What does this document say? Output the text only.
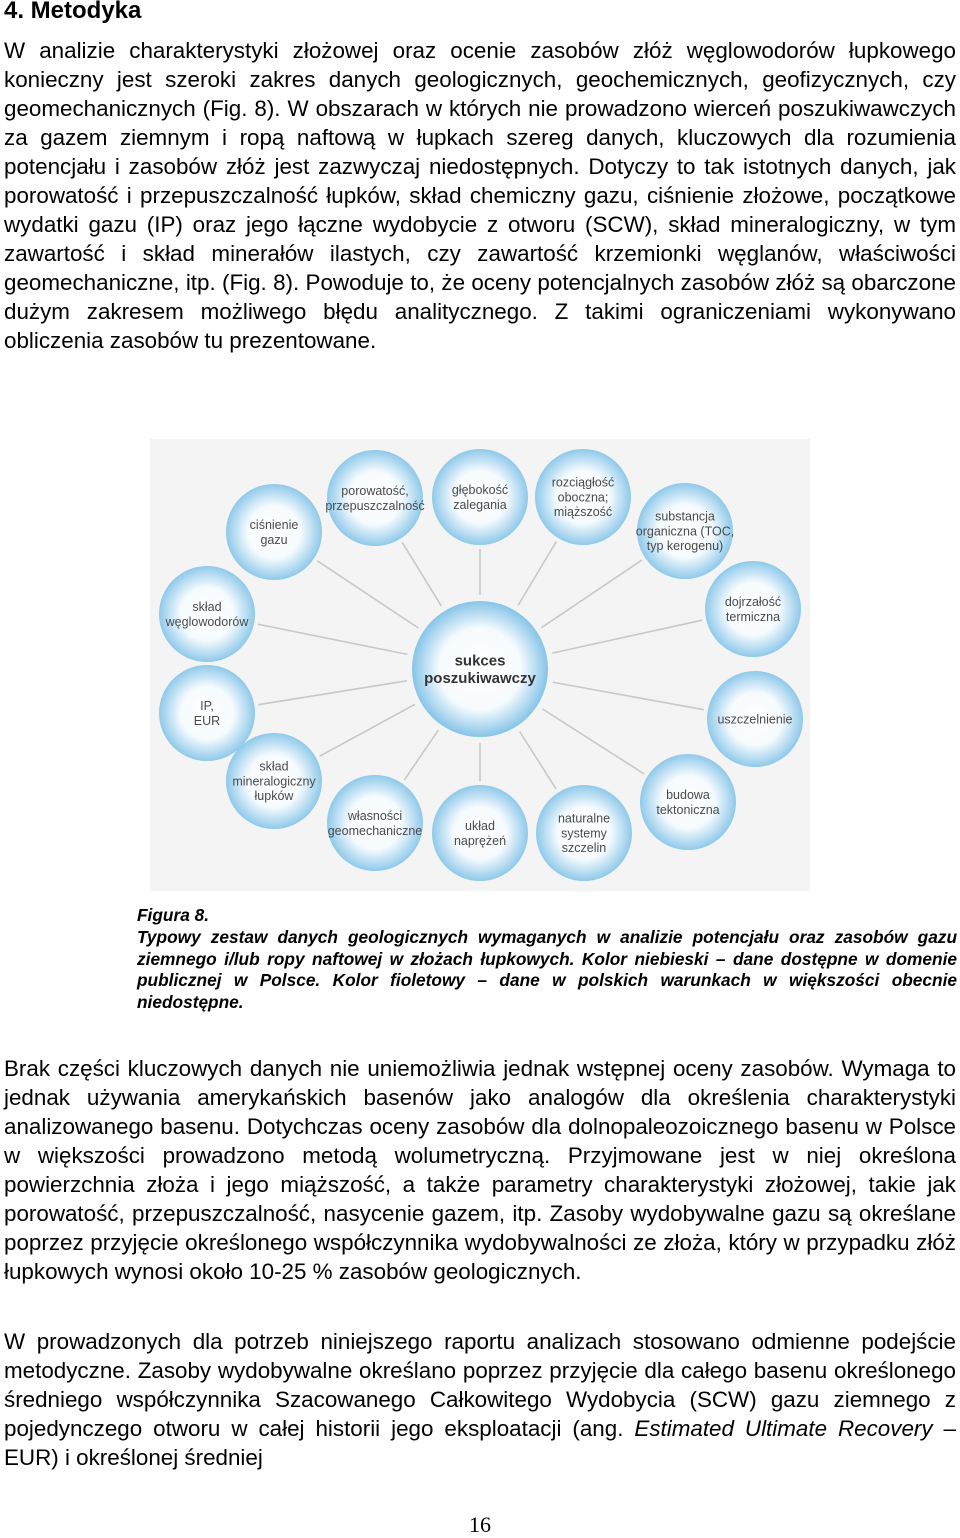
4. Metodyka

W analizie charakterystyki złożowej oraz ocenie zasobów złóż węglowodorów łupkowego konieczny jest szeroki zakres danych geologicznych, geochemicznych, geofizycznych, czy geomechanicznych (Fig. 8). W obszarach w których nie prowadzono wierceń poszukiwawczych za gazem ziemnym i ropą naftową w łupkach szereg danych, kluczowych dla rozumienia potencjału i zasobów złóż jest zazwyczaj niedostępnych. Dotyczy to tak istotnych danych, jak porowatość i przepuszczalność łupków, skład chemiczny gazu, ciśnienie złożowe, początkowe wydatki gazu (IP) oraz jego łączne wydobycie z otworu (SCW), skład mineralogiczny, w tym zawartość i skład minerałów ilastych, czy zawartość krzemionki węglanów, właściwości geomechaniczne, itp. (Fig. 8). Powoduje to, że oceny potencjalnych zasobów złóż są obarczone dużym zakresem możliwego błędu analitycznego. Z takimi ograniczeniami wykonywano obliczenia zasobów tu prezentowane.

porowatość,
przepuszczalność
głębokość
zalegania
rozciągłość
oboczna;
miąższość	substancja
organiczna (TOC,
typ kerogenu)
dojrzałość
termiczna
uszczelnienie
budowa
tektoniczna
naturalne
systemy
szczelin
układ
naprężeń
własności
geomechaniczne
skład
mineralogiczny
łupków
IP,
EUR
skład
węglowodorów
ciśnienie
gazu
sukces
poszukiwawczy
Figura 8.
Typowy zestaw danych geologicznych wymaganych w analizie potencjału oraz zasobów gazu ziemnego i/lub ropy naftowej w złożach łupkowych. Kolor niebieski – dane dostępne w domenie publicznej w Polsce. Kolor fioletowy – dane w polskich warunkach w większości obecnie niedostępne.

Brak części kluczowych danych nie uniemożliwia jednak wstępnej oceny zasobów. Wymaga to jednak używania amerykańskich basenów jako analogów dla określenia charakterystyki analizowanego basenu. Dotychczas oceny zasobów dla dolnopaleozoicznego basenu w Polsce w większości prowadzono metodą wolumetryczną. Przyjmowane jest w niej określona powierzchnia złoża i jego miąższość, a także parametry charakterystyki złożowej, takie jak porowatość, przepuszczalność, nasycenie gazem, itp. Zasoby wydobywalne gazu są określane poprzez przyjęcie określonego współczynnika wydobywalności ze złoża, który w przypadku złóż łupkowych wynosi około 10-25 % zasobów geologicznych.

W prowadzonych dla potrzeb niniejszego raportu analizach stosowano odmienne podejście metodyczne. Zasoby wydobywalne określano poprzez przyjęcie dla całego basenu określonego średniego współczynnika Szacowanego Całkowitego Wydobycia (SCW) gazu ziemnego z pojedynczego otworu w całej historii jego eksploatacji (ang. Estimated Ultimate Recovery – EUR) i określonej średniej

16
